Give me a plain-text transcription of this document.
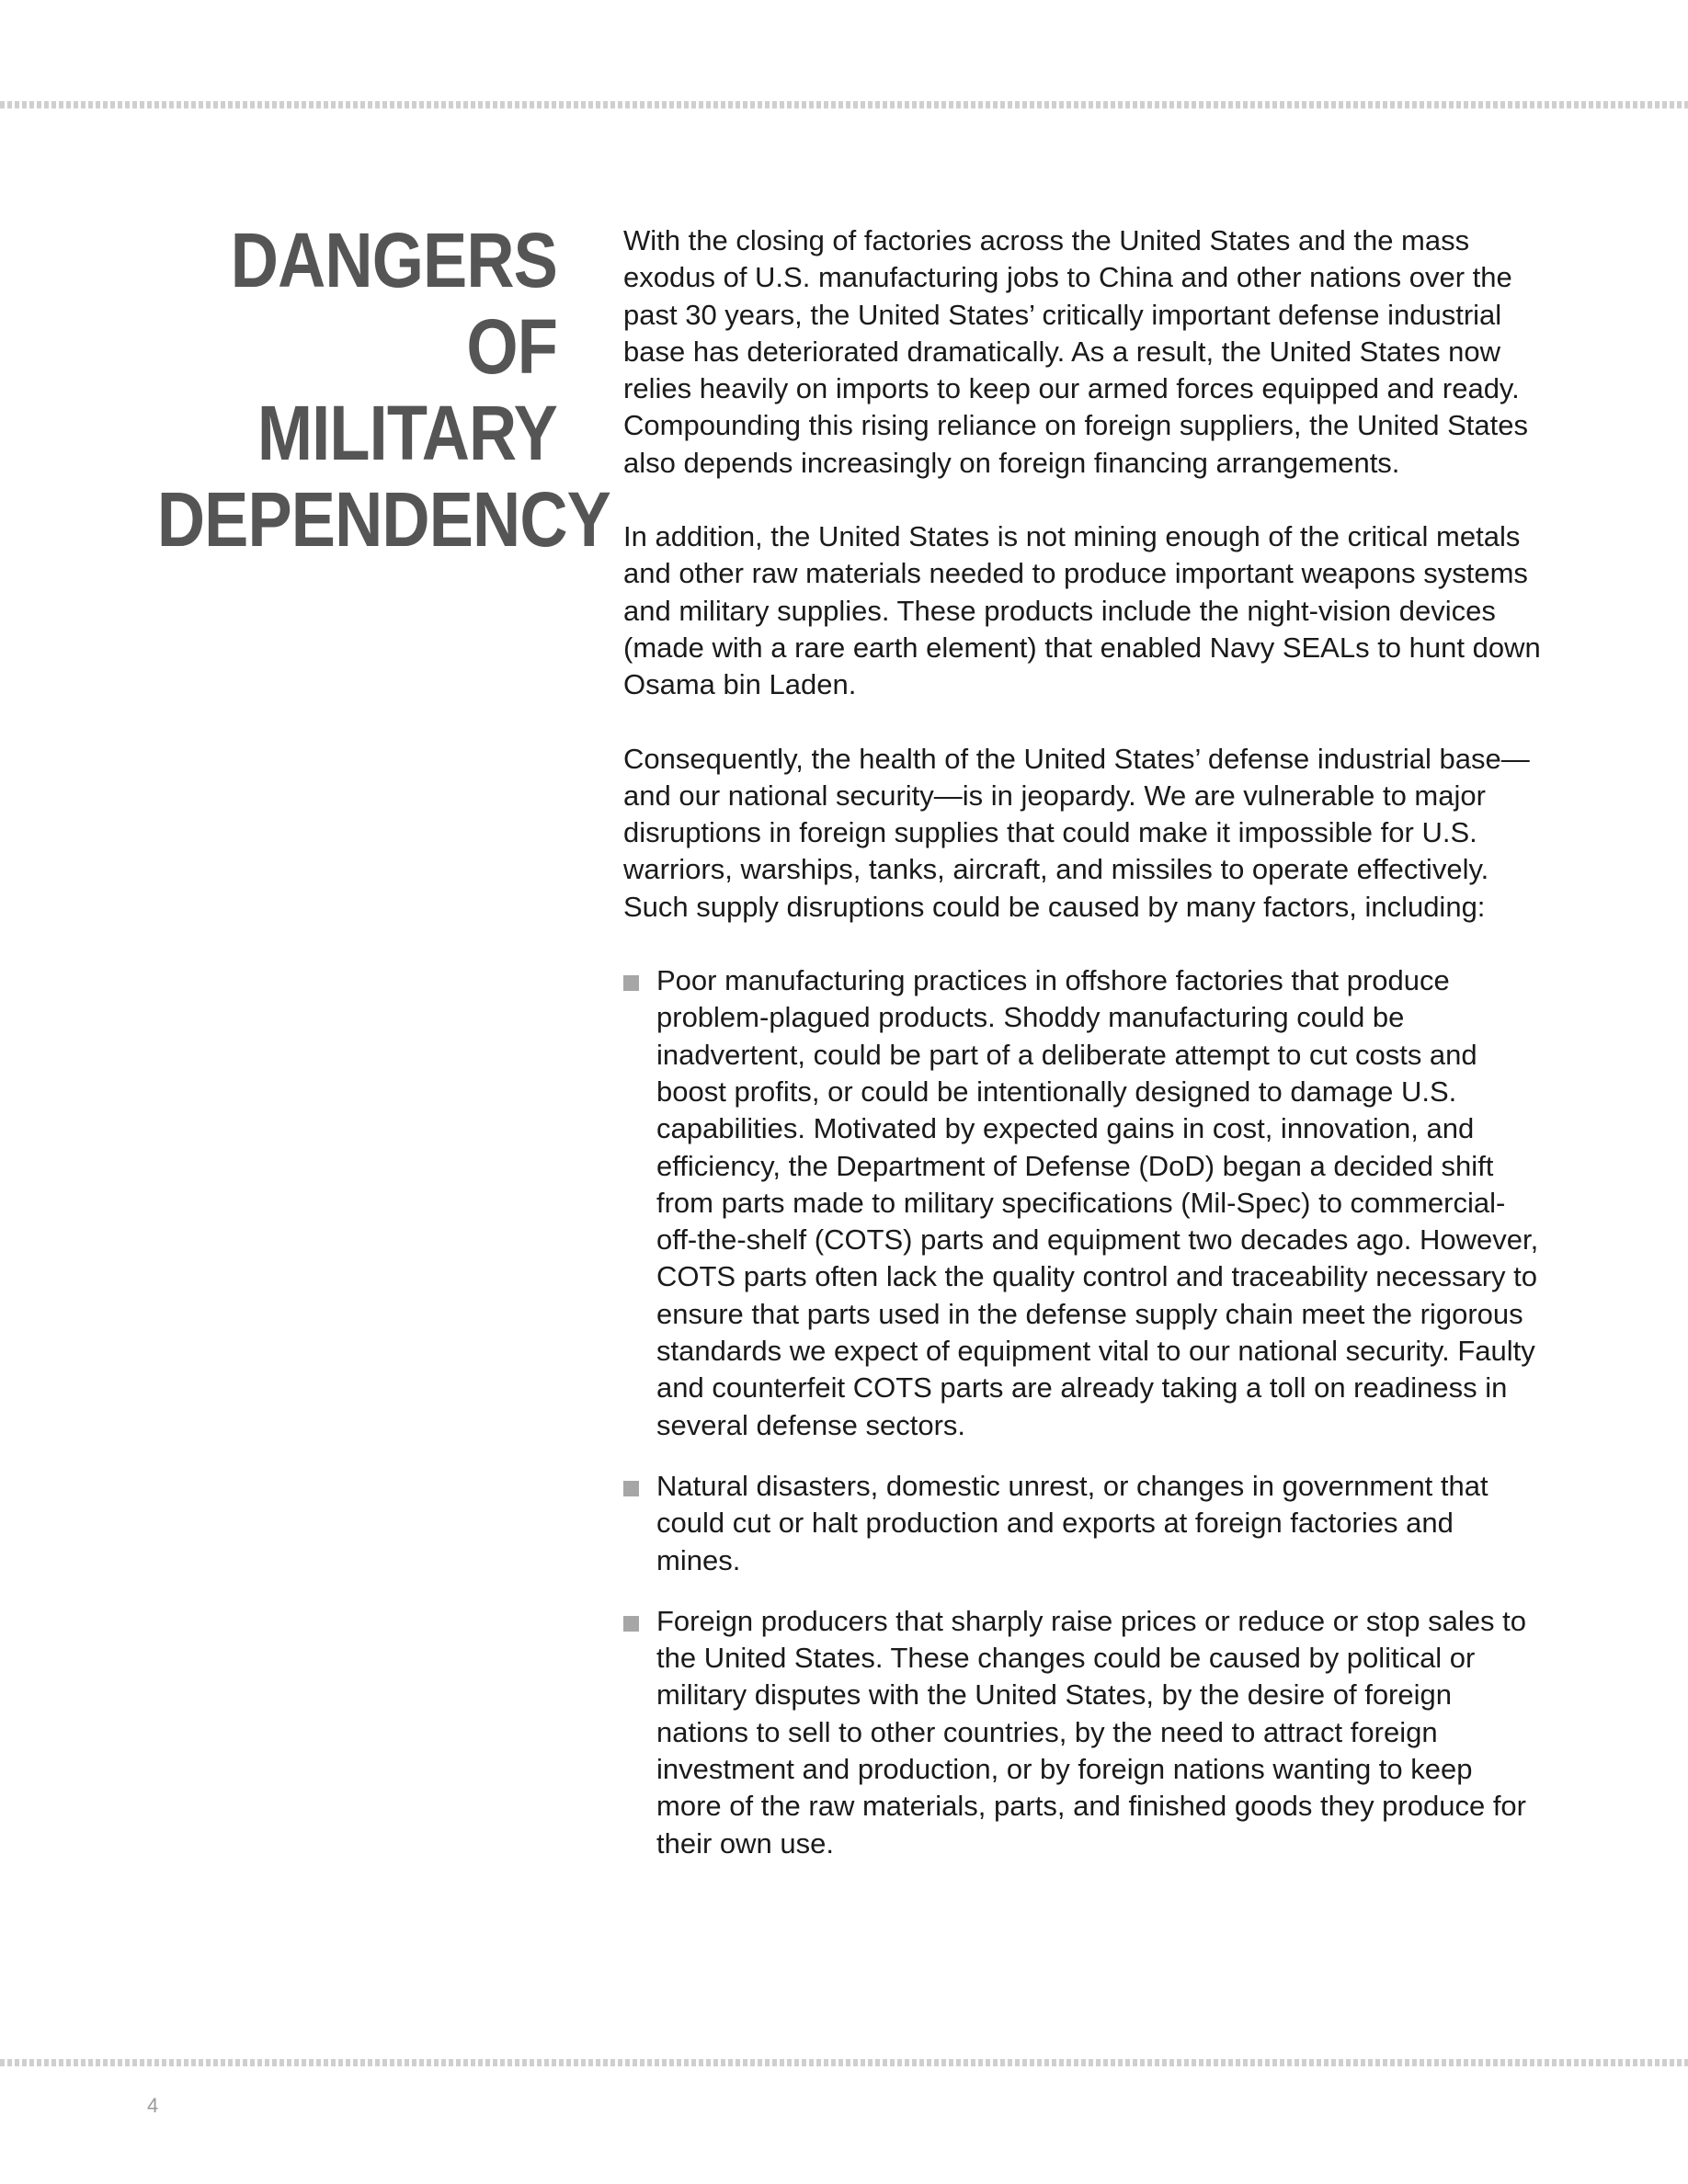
DANGERS
OF MILITARY
DEPENDENCY

With the closing of factories across the United States and the mass exodus of U.S. manufacturing jobs to China and other nations over the past 30 years, the United States’ critically important defense industrial base has deteriorated dramatically. As a result, the United States now relies heavily on imports to keep our armed forces equipped and ready. Compounding this rising reliance on foreign suppliers, the United States also depends increasingly on foreign financing arrangements.

In addition, the United States is not mining enough of the critical metals and other raw materials needed to produce important weapons systems and military supplies. These products include the night-vision devices (made with a rare earth element) that enabled Navy SEALs to hunt down Osama bin Laden.

Consequently, the health of the United States’ defense industrial base—and our national security—is in jeopardy. We are vulnerable to major disruptions in foreign supplies that could make it impossible for U.S. warriors, warships, tanks, aircraft, and missiles to operate effectively. Such supply disruptions could be caused by many factors, including:

Poor manufacturing practices in offshore factories that produce problem-plagued products. Shoddy manufacturing could be inadvertent, could be part of a deliberate attempt to cut costs and boost profits, or could be intentionally designed to damage U.S. capabilities. Motivated by expected gains in cost, innovation, and efficiency, the Department of Defense (DoD) began a decided shift from parts made to military specifications (Mil-Spec) to commercial-off-the-shelf (COTS) parts and equipment two decades ago. However, COTS parts often lack the quality control and traceability necessary to ensure that parts used in the defense supply chain meet the rigorous standards we expect of equipment vital to our national security. Faulty and counterfeit COTS parts are already taking a toll on readiness in several defense sectors.
Natural disasters, domestic unrest, or changes in government that could cut or halt production and exports at foreign factories and mines.
Foreign producers that sharply raise prices or reduce or stop sales to the United States. These changes could be caused by political or military disputes with the United States, by the desire of foreign nations to sell to other countries, by the need to attract foreign investment and production, or by foreign nations wanting to keep more of the raw materials, parts, and finished goods they produce for their own use.
4
